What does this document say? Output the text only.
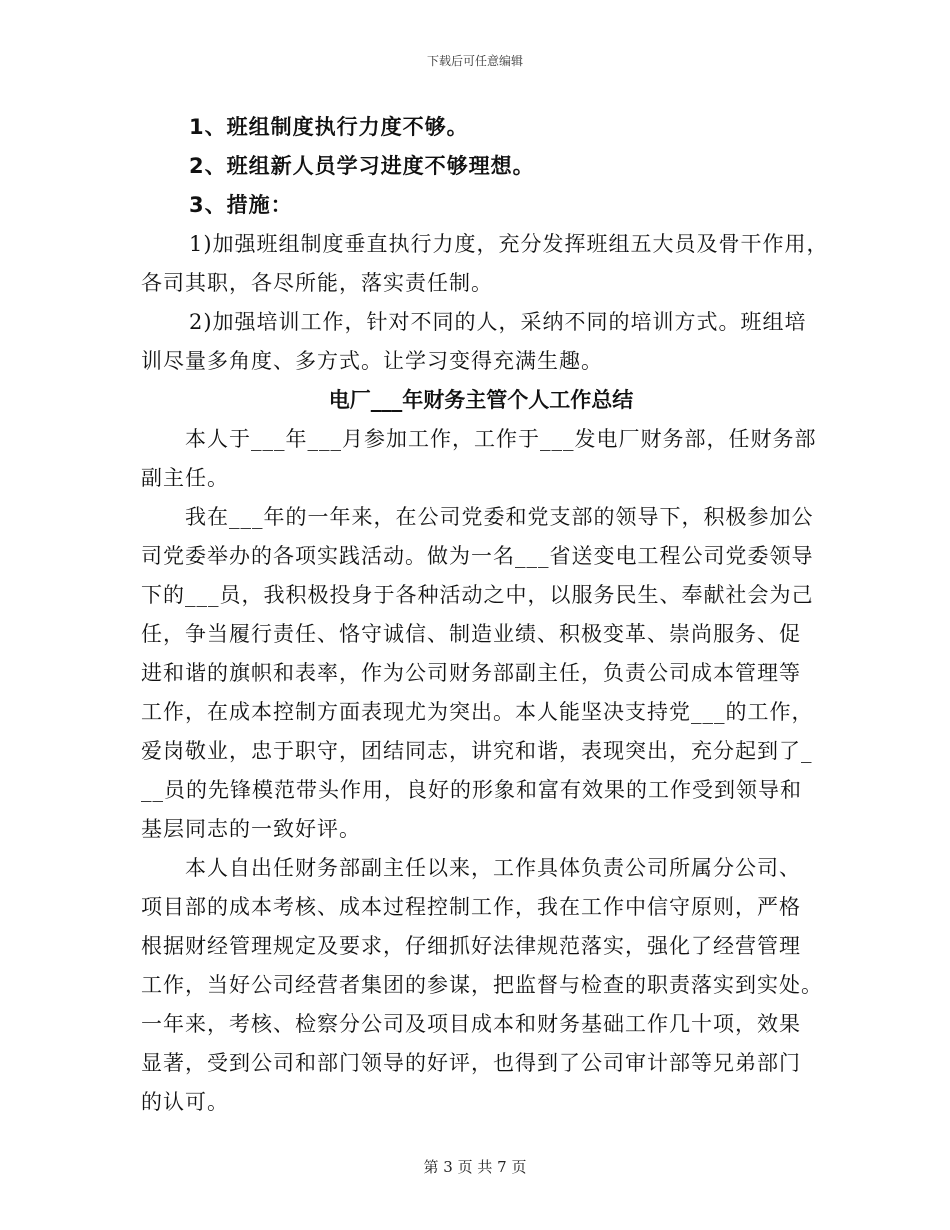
下载后可任意编辑
1、班组制度执行力度不够。
2、班组新人员学习进度不够理想。
3、措施：
1)加强班组制度垂直执行力度，充分发挥班组五大员及骨干作用，
各司其职，各尽所能，落实责任制。
2)加强培训工作，针对不同的人，采纳不同的培训方式。班组培
训尽量多角度、多方式。让学习变得充满生趣。
电厂___年财务主管个人工作总结
本人于___年___月参加工作，工作于___发电厂财务部，任财务部
副主任。
我在___年的一年来，在公司党委和党支部的领导下，积极参加公
司党委举办的各项实践活动。做为一名___省送变电工程公司党委领导
下的___员，我积极投身于各种活动之中，以服务民生、奉献社会为己
任，争当履行责任、恪守诚信、制造业绩、积极变革、崇尚服务、促
进和谐的旗帜和表率，作为公司财务部副主任，负责公司成本管理等
工作，在成本控制方面表现尤为突出。本人能坚决支持党___的工作，
爱岗敬业，忠于职守，团结同志，讲究和谐，表现突出，充分起到了_
__员的先锋模范带头作用，良好的形象和富有效果的工作受到领导和
基层同志的一致好评。
本人自出任财务部副主任以来，工作具体负责公司所属分公司、
项目部的成本考核、成本过程控制工作，我在工作中信守原则，严格
根据财经管理规定及要求，仔细抓好法律规范落实，强化了经营管理
工作，当好公司经营者集团的参谋，把监督与检查的职责落实到实处。
一年来，考核、检察分公司及项目成本和财务基础工作几十项，效果
显著，受到公司和部门领导的好评，也得到了公司审计部等兄弟部门
的认可。
第 3 页 共 7 页
